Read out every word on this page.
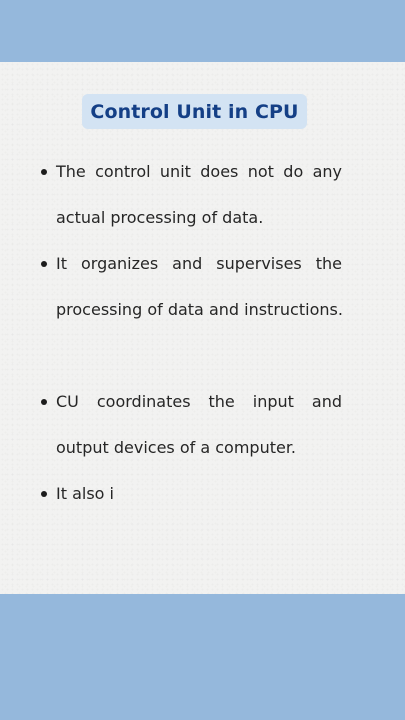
Control Unit in CPU
The control unit does not do any
actual processing of data.
It organizes and supervises the
processing of data and instructions.
CU coordinates the input and
output devices of a computer.
It also i
